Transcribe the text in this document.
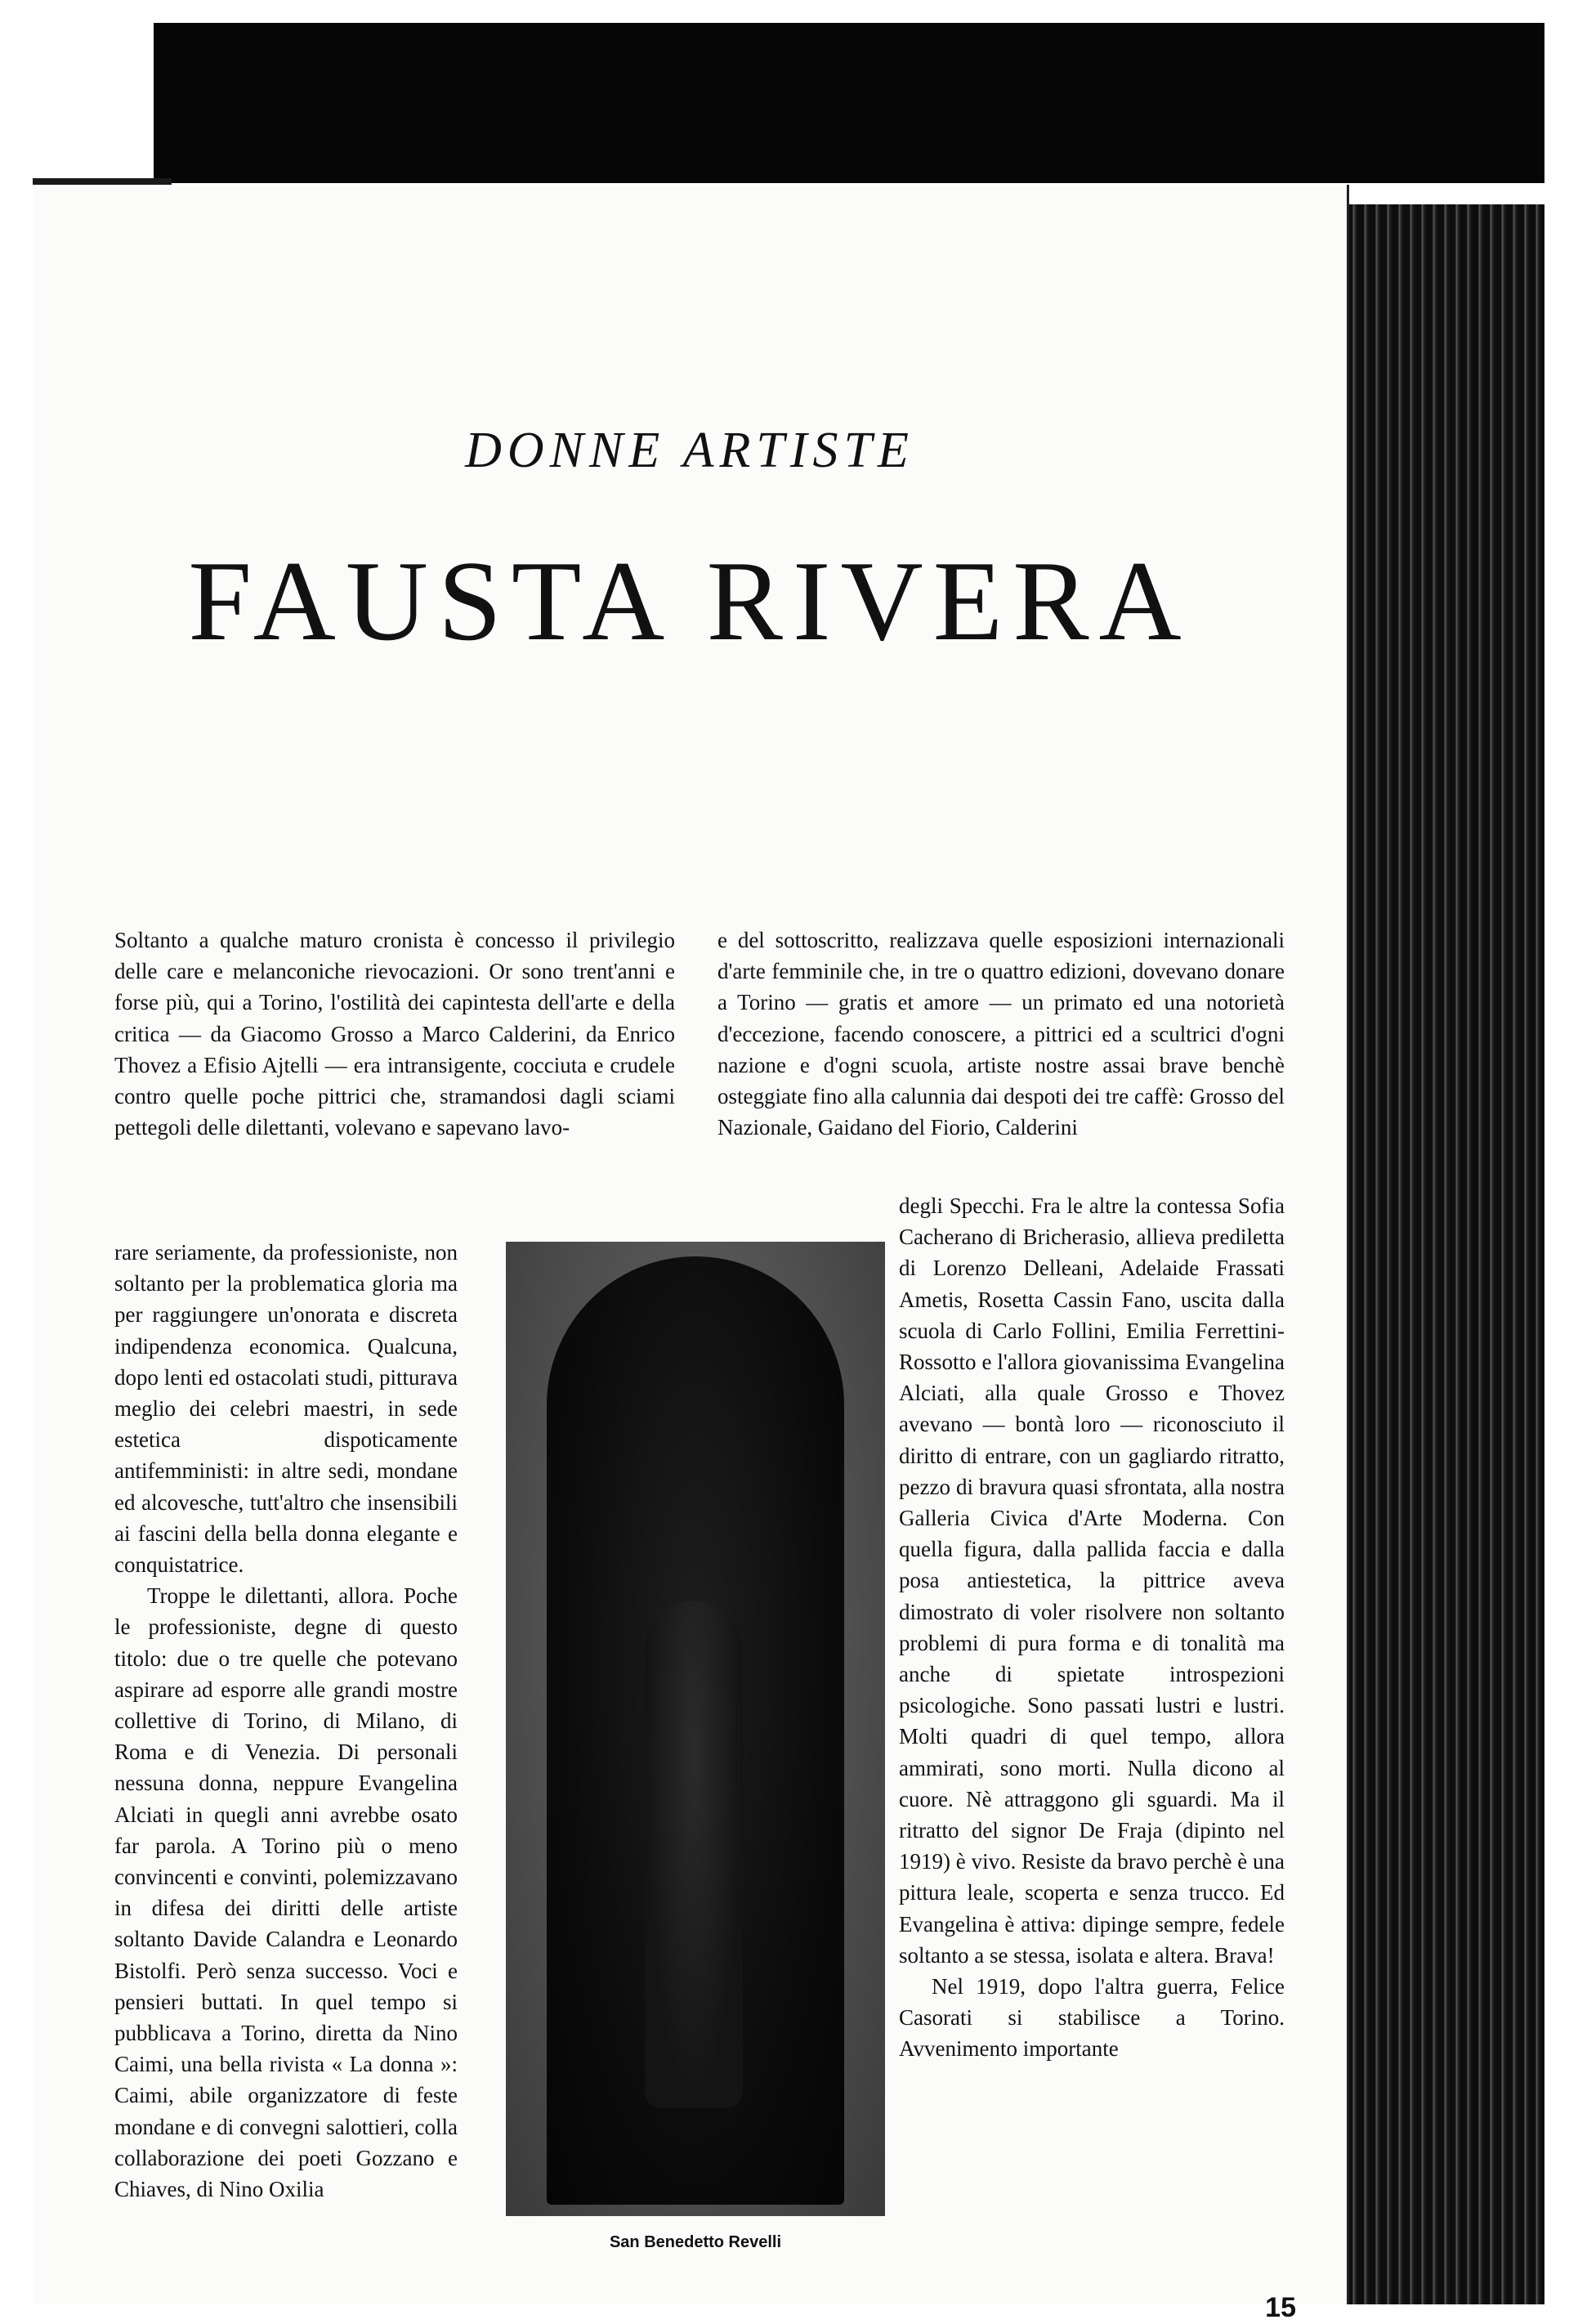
DONNE ARTISTE
FAUSTA RIVERA

Soltanto a qualche maturo cronista è concesso il privilegio delle care e melanconiche rievocazioni. Or sono trent'anni e forse più, qui a Torino, l'ostilità dei capintesta dell'arte e della critica — da Giacomo Grosso a Marco Calderini, da Enrico Thovez a Efisio Ajtelli — era intransigente, cocciuta e crudele contro quelle poche pittrici che, stramandosi dagli sciami pettegoli delle dilettanti, volevano e sapevano lavo-

rare seriamente, da professioniste, non soltanto per la problematica gloria ma per raggiungere un'onorata e discreta indipendenza economica. Qualcuna, dopo lenti ed ostacolati studi, pitturava meglio dei celebri maestri, in sede estetica dispoticamente antifemministi: in altre sedi, mondane ed alcovesche, tutt'altro che insensibili ai fascini della bella donna elegante e conquistatrice.

Troppe le dilettanti, allora. Poche le professioniste, degne di questo titolo: due o tre quelle che potevano aspirare ad esporre alle grandi mostre collettive di Torino, di Milano, di Roma e di Venezia. Di personali nessuna donna, neppure Evangelina Alciati in quegli anni avrebbe osato far parola. A Torino più o meno convincenti e convinti, polemizzavano in difesa dei diritti delle artiste soltanto Davide Calandra e Leonardo Bistolfi. Però senza successo. Voci e pensieri buttati. In quel tempo si pubblicava a Torino, diretta da Nino Caimi, una bella rivista « La donna »: Caimi, abile organizzatore di feste mondane e di convegni salottieri, colla collaborazione dei poeti Gozzano e Chiaves, di Nino Oxilia

e del sottoscritto, realizzava quelle esposizioni internazionali d'arte femminile che, in tre o quattro edizioni, dovevano donare a Torino — gratis et amore — un primato ed una notorietà d'eccezione, facendo conoscere, a pittrici ed a scultrici d'ogni nazione e d'ogni scuola, artiste nostre assai brave benchè osteggiate fino alla calunnia dai despoti dei tre caffè: Grosso del Nazionale, Gaidano del Fiorio, Calderini

degli Specchi. Fra le altre la contessa Sofia Cacherano di Bricherasio, allieva prediletta di Lorenzo Delleani, Adelaide Frassati Ametis, Rosetta Cassin Fano, uscita dalla scuola di Carlo Follini, Emilia Ferrettini-Rossotto e l'allora giovanissima Evangelina Alciati, alla quale Grosso e Thovez avevano — bontà loro — riconosciuto il diritto di entrare, con un gagliardo ritratto, pezzo di bravura quasi sfrontata, alla nostra Galleria Civica d'Arte Moderna. Con quella figura, dalla pallida faccia e dalla posa antiestetica, la pittrice aveva dimostrato di voler risolvere non soltanto problemi di pura forma e di tonalità ma anche di spietate introspezioni psicologiche. Sono passati lustri e lustri. Molti quadri di quel tempo, allora ammirati, sono morti. Nulla dicono al cuore. Nè attraggono gli sguardi. Ma il ritratto del signor De Fraja (dipinto nel 1919) è vivo. Resiste da bravo perchè è una pittura leale, scoperta e senza trucco. Ed Evangelina è attiva: dipinge sempre, fedele soltanto a se stessa, isolata e altera. Brava!

Nel 1919, dopo l'altra guerra, Felice Casorati si stabilisce a Torino. Avvenimento importante

San Benedetto Revelli
15
